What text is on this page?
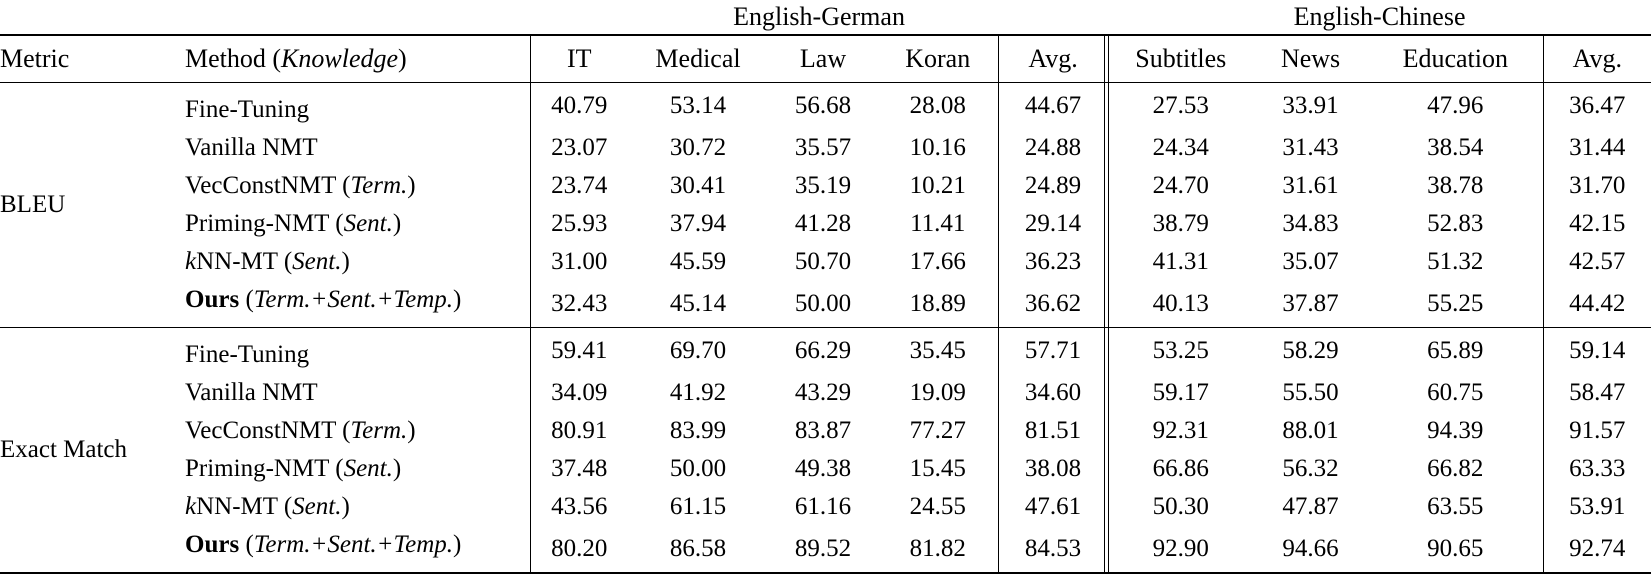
		English-German					English-Chinese			
Metric	Method (Knowledge)	IT	Medical	Law	Koran	Avg.	Subtitles	News	Education	Avg.
BLEU	Fine-Tuning	40.79	53.14	56.68	28.08	44.67	27.53	33.91	47.96	36.47
	Vanilla NMT	23.07	30.72	35.57	10.16	24.88	24.34	31.43	38.54	31.44
	VecConstNMT (Term.)	23.74	30.41	35.19	10.21	24.89	24.70	31.61	38.78	31.70
	Priming-NMT (Sent.)	25.93	37.94	41.28	11.41	29.14	38.79	34.83	52.83	42.15
	kNN-MT (Sent.)	31.00	45.59	50.70	17.66	36.23	41.31	35.07	51.32	42.57
	Ours (Term.+Sent.+Temp.)	32.43	45.14	50.00	18.89	36.62	40.13	37.87	55.25	44.42
Exact Match	Fine-Tuning	59.41	69.70	66.29	35.45	57.71	53.25	58.29	65.89	59.14
	Vanilla NMT	34.09	41.92	43.29	19.09	34.60	59.17	55.50	60.75	58.47
	VecConstNMT (Term.)	80.91	83.99	83.87	77.27	81.51	92.31	88.01	94.39	91.57
	Priming-NMT (Sent.)	37.48	50.00	49.38	15.45	38.08	66.86	56.32	66.82	63.33
	kNN-MT (Sent.)	43.56	61.15	61.16	24.55	47.61	50.30	47.87	63.55	53.91
	Ours (Term.+Sent.+Temp.)	80.20	86.58	89.52	81.82	84.53	92.90	94.66	90.65	92.74
